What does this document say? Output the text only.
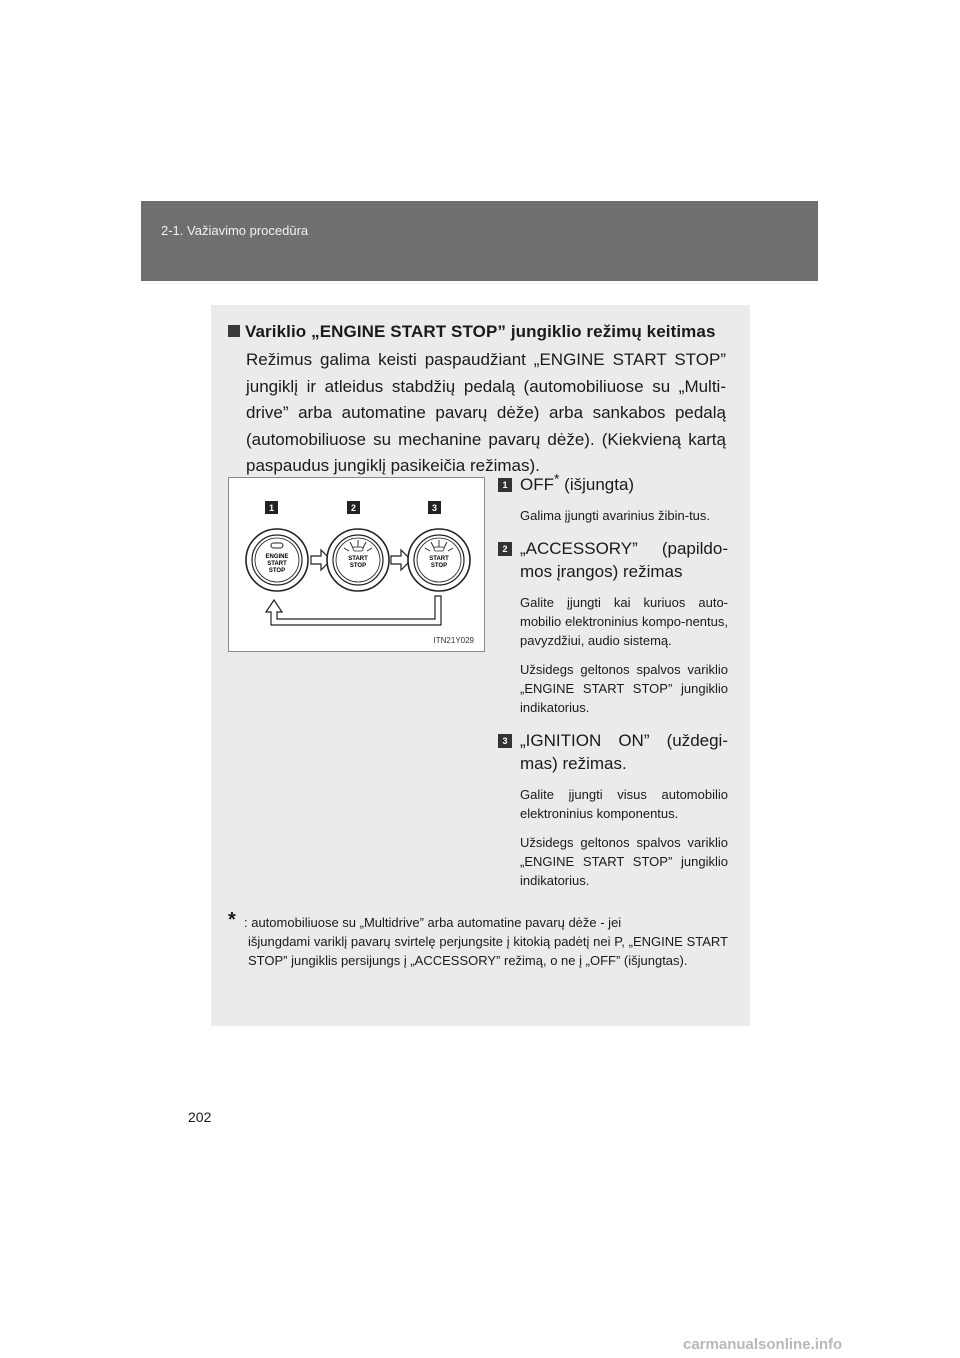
2-1. Važiavimo procedūra
Variklio „ENGINE START STOP” jungiklio režimų keitimas
Režimus galima keisti paspaudžiant „ENGINE START STOP” jungiklį ir atleidus stabdžių pedalą (automobiliuose su „Multi-drive” arba automatine pavarų dėže) arba sankabos pedalą (automobiliuose su mechanine pavarų dėže). (Kiekvieną kartą paspaudus jungiklį pasikeičia režimas).
1	2	3
ENGINE
START
STOP
START
STOP
START
STOP
ITN21Y029
1 OFF* (išjungta)
Galima įjungti avarinius žibin-tus.
2 „ACCESSORY” (papildo-mos įrangos) režimas
Galite įjungti kai kuriuos auto-mobilio elektroninius kompo-nentus, pavyzdžiui, audio sistemą.
Užsidegs geltonos spalvos variklio „ENGINE START STOP” jungiklio indikatorius.
3 „IGNITION ON” (uždegi-mas) režimas.
Galite įjungti visus automobilio elektroninius komponentus.
Užsidegs geltonos spalvos variklio „ENGINE START STOP” jungiklio indikatorius.
* : automobiliuose su „Multidrive” arba automatine pavarų dėže - jei
išjungdami variklį pavarų svirtelę perjungsite į kitokią padėtį nei P, „ENGINE START STOP” jungiklis persijungs į „ACCESSORY” režimą, o ne į „OFF” (išjungtas).
202
carmanualsonline.info
